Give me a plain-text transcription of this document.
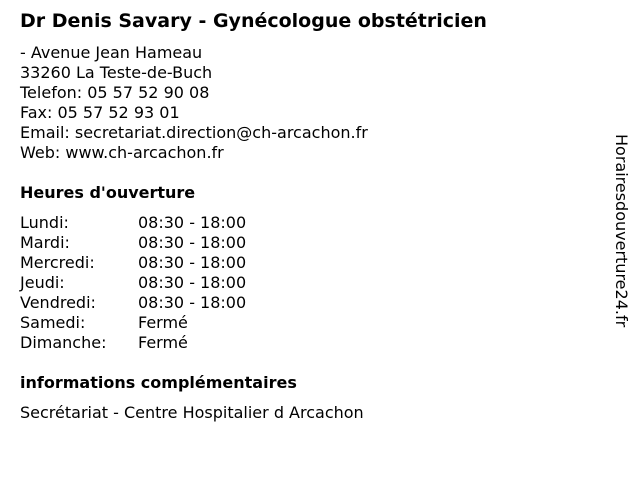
Dr Denis Savary - Gynécologue obstétricien
- Avenue Jean Hameau
33260 La Teste-de-Buch
Telefon: 05 57 52 90 08
Fax: 05 57 52 93 01
Email: secretariat.direction@ch-arcachon.fr
Web: www.ch-arcachon.fr
Heures d'ouverture
Lundi:	08:30 - 18:00
Mardi:	08:30 - 18:00
Mercredi:	08:30 - 18:00
Jeudi:	08:30 - 18:00
Vendredi:	08:30 - 18:00
Samedi:	Fermé
Dimanche:	Fermé
informations complémentaires
Secrétariat - Centre Hospitalier d Arcachon
Horairesdouverture24.fr
